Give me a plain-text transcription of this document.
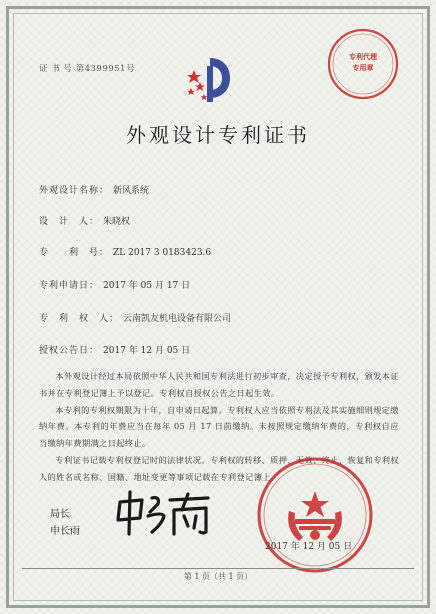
证 书 号 第4399951号
专利代理
专用章
外观设计专利证书
外观设计名称： 新风系统
设　计　人： 朱晓权
专　　利　号： ZL 2017 3 0183423.6
专利申请日： 2017 年 05 月 17 日
专　利　权　人： 云南凯友机电设备有限公司
授权公告日： 2017 年 12 月 05 日

本外观设计经过本局依照中华人民共和国专利法进行初步审查，决定授予专利权，颁发本证书并在专利登记簿上予以登记。专利权自授权公告之日起生效。

本专利的专利权期限为十年，自申请日起算。专利权人应当依照专利法及其实施细则规定缴纳年费。本专利的年费应当在每年 05 月 17 日前缴纳。未按照规定缴纳年费的，专利权自应当缴纳年费期满之日起终止。

专利证书记载专利权登记时的法律状况。专利权的转移、质押、无效、终止、恢复和专利权人的姓名或名称、国籍、地址变更等事项记载在专利登记簿上。

局长
申长雨
2017 年 12 月 05 日
第 1 页（共 1 页）
